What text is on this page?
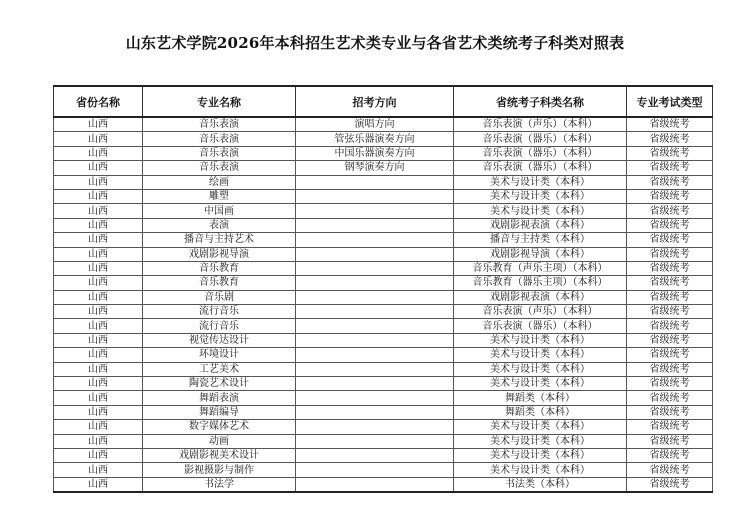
山东艺术学院2026年本科招生艺术类专业与各省艺术类统考子科类对照表
省份名称	专业名称	招考方向	省统考子科类名称	专业考试类型
山西	音乐表演	演唱方向	音乐表演（声乐）（本科）	省级统考
山西	音乐表演	管弦乐器演奏方向	音乐表演（器乐）（本科）	省级统考
山西	音乐表演	中国乐器演奏方向	音乐表演（器乐）（本科）	省级统考
山西	音乐表演	钢琴演奏方向	音乐表演（器乐）（本科）	省级统考
山西	绘画		美术与设计类（本科）	省级统考
山西	雕塑		美术与设计类（本科）	省级统考
山西	中国画		美术与设计类（本科）	省级统考
山西	表演		戏剧影视表演（本科）	省级统考
山西	播音与主持艺术		播音与主持类（本科）	省级统考
山西	戏剧影视导演		戏剧影视导演（本科）	省级统考
山西	音乐教育		音乐教育（声乐主项）（本科）	省级统考
山西	音乐教育		音乐教育（器乐主项）（本科）	省级统考
山西	音乐剧		戏剧影视表演（本科）	省级统考
山西	流行音乐		音乐表演（声乐）（本科）	省级统考
山西	流行音乐		音乐表演（器乐）（本科）	省级统考
山西	视觉传达设计		美术与设计类（本科）	省级统考
山西	环境设计		美术与设计类（本科）	省级统考
山西	工艺美术		美术与设计类（本科）	省级统考
山西	陶瓷艺术设计		美术与设计类（本科）	省级统考
山西	舞蹈表演		舞蹈类（本科）	省级统考
山西	舞蹈编导		舞蹈类（本科）	省级统考
山西	数字媒体艺术		美术与设计类（本科）	省级统考
山西	动画		美术与设计类（本科）	省级统考
山西	戏剧影视美术设计		美术与设计类（本科）	省级统考
山西	影视摄影与制作		美术与设计类（本科）	省级统考
山西	书法学		书法类（本科）	省级统考
